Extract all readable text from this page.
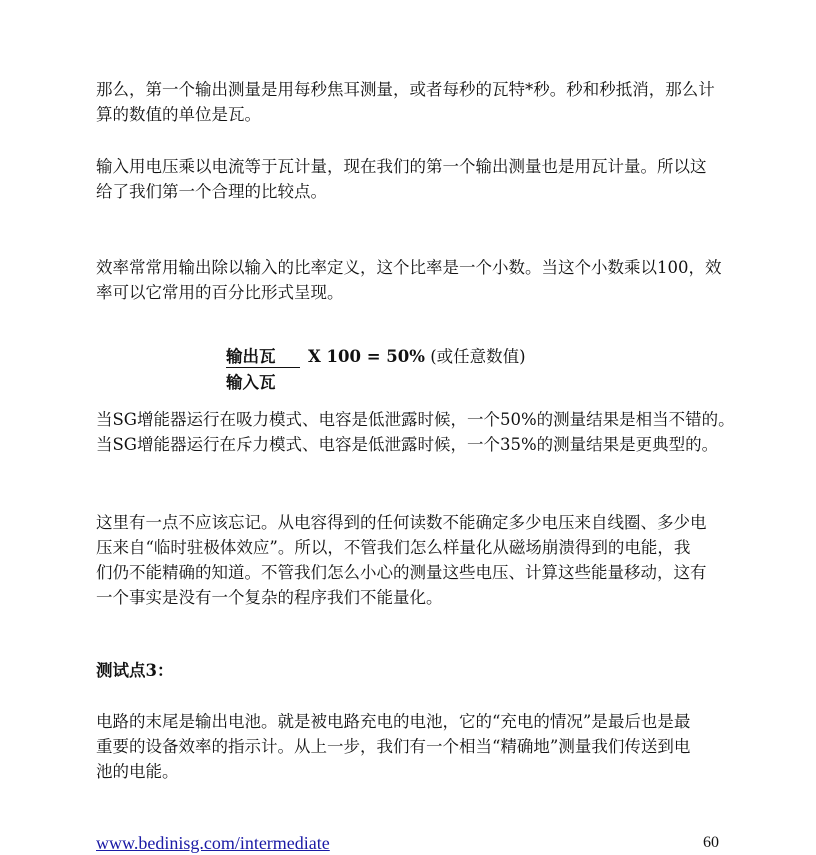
那么，第一个输出测量是用每秒焦耳测量，或者每秒的瓦特*秒。秒和秒抵消，那么计
算的数值的单位是瓦。

输入用电压乘以电流等于瓦计量，现在我们的第一个输出测量也是用瓦计量。所以这
给了我们第一个合理的比较点。

效率常常用输出除以输入的比率定义，这个比率是一个小数。当这个小数乘以100，效
率可以它常用的百分比形式呈现。

输出瓦 X 100 = 50% (或任意数值)
输入瓦

当SG增能器运行在吸力模式、电容是低泄露时候，一个50%的测量结果是相当不错的。
当SG增能器运行在斥力模式、电容是低泄露时候，一个35%的测量结果是更典型的。

这里有一点不应该忘记。从电容得到的任何读数不能确定多少电压来自线圈、多少电
压来自“临时驻极体效应”。所以，不管我们怎么样量化从磁场崩溃得到的电能，我
们仍不能精确的知道。不管我们怎么小心的测量这些电压、计算这些能量移动，这有
一个事实是没有一个复杂的程序我们不能量化。

测试点3：

电路的末尾是输出电池。就是被电路充电的电池，它的“充电的情况”是最后也是最
重要的设备效率的指示计。从上一步，我们有一个相当“精确地”测量我们传送到电
池的电能。

www.bedinisg.com/intermediate	60
